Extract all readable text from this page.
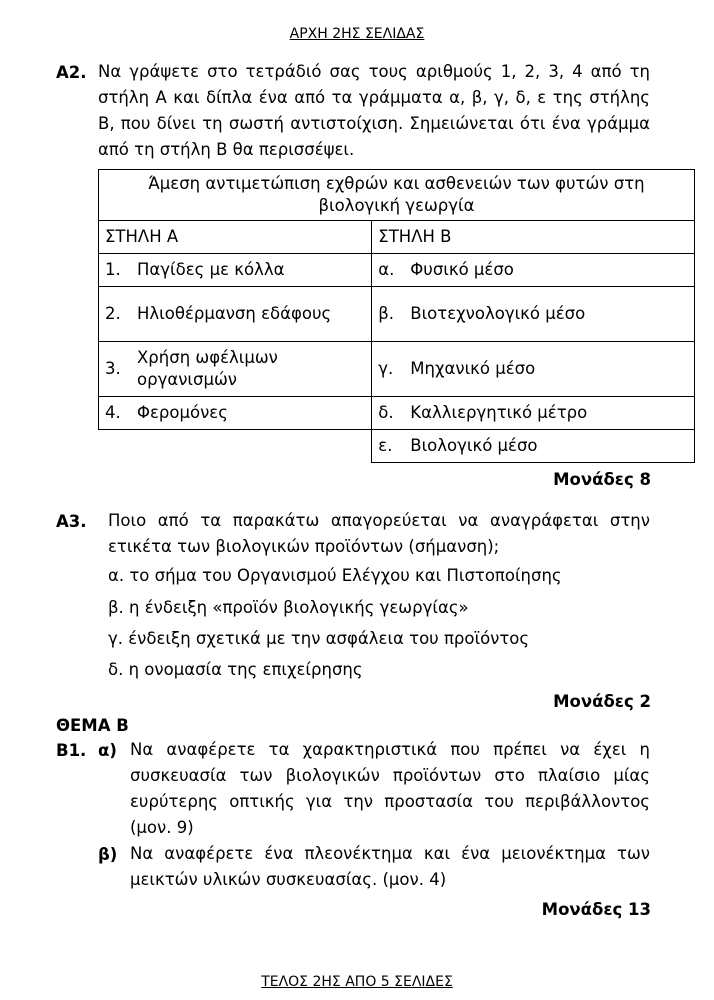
ΑΡΧΗ 2ΗΣ ΣΕΛΙΔΑΣ
Α2. Να γράψετε στο τετράδιό σας τους αριθμούς 1, 2, 3, 4 από τη στήλη Α και δίπλα ένα από τα γράμματα α, β, γ, δ, ε της στήλης Β, που δίνει τη σωστή αντιστοίχιση. Σημειώνεται ότι ένα γράμμα από τη στήλη Β θα περισσέψει.
Άμεση αντιμετώπιση εχθρών και ασθενειών των φυτών στη βιολογική γεωργία	
ΣΤΗΛΗ Α	ΣΤΗΛΗ Β
1. Παγίδες με κόλλα	α. Φυσικό μέσο
2. Ηλιοθέρμανση εδάφους	β. Βιοτεχνολογικό μέσο
3.Χρήση ωφέλιμων οργανισμών	γ. Μηχανικό μέσο
4. Φερομόνες	δ. Καλλιεργητικό μέτρο
	ε. Βιολογικό μέσο
Μονάδες 8
Α3. Ποιο από τα παρακάτω απαγορεύεται να αναγράφεται στην ετικέτα των βιολογικών προϊόντων (σήμανση);
α. το σήμα του Οργανισμού Ελέγχου και Πιστοποίησης
β. η ένδειξη «προϊόν βιολογικής γεωργίας»
γ. ένδειξη σχετικά με την ασφάλεια του προϊόντος
δ. η ονομασία της επιχείρησης
Μονάδες 2
ΘΕΜΑ Β
Β1. α) Να αναφέρετε τα χαρακτηριστικά που πρέπει να έχει η συσκευασία των βιολογικών προϊόντων στο πλαίσιο μίας ευρύτερης οπτικής για την προστασία του περιβάλλοντος (μον. 9)
β) Να αναφέρετε ένα πλεονέκτημα και ένα μειονέκτημα των μεικτών υλικών συσκευασίας. (μον. 4)
Μονάδες 13
ΤΕΛΟΣ 2ΗΣ ΑΠΟ 5 ΣΕΛΙΔΕΣ
